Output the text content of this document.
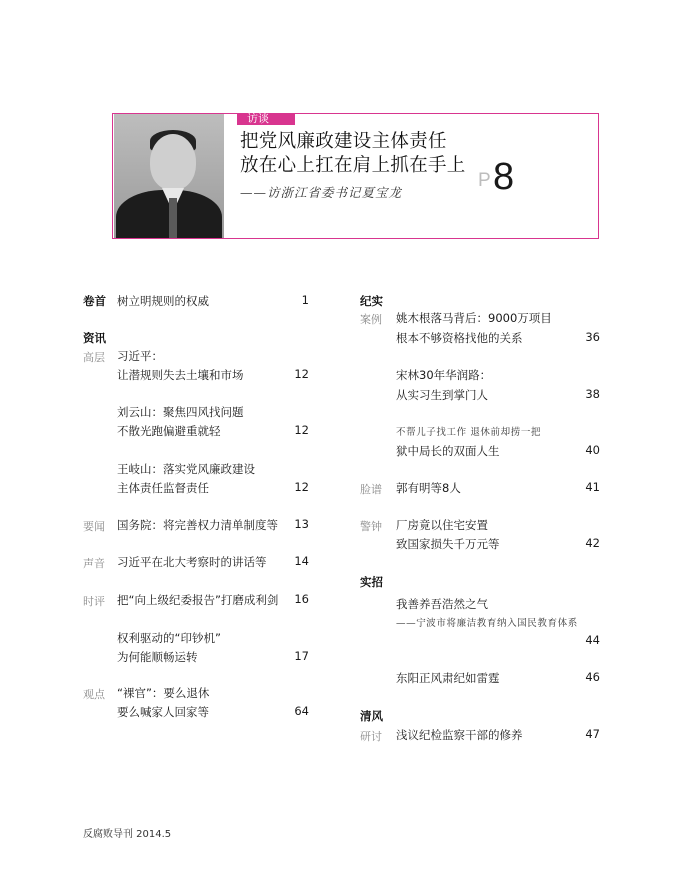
访谈
把党风廉政建设主体责任
放在心上扛在肩上抓在手上
——访浙江省委书记夏宝龙
P 8
卷首 树立明规则的权威	1
资讯
高层 习近平：
让潜规则失去土壤和市场	12
刘云山：聚焦四风找问题
不散光跑偏避重就轻	12
王岐山：落实党风廉政建设
主体责任监督责任	12
要闻 国务院：将完善权力清单制度等	13
声音 习近平在北大考察时的讲话等	14
时评 把“向上级纪委报告”打磨成利剑	16
权利驱动的“印钞机”
为何能顺畅运转	17
观点 “裸官”：要么退休
要么喊家人回家等	64
纪实
案例 姚木根落马背后：9000万项目
根本不够资格找他的关系	36
宋林30年华润路：
从实习生到掌门人	38
不帮儿子找工作 退休前却捞一把
狱中局长的双面人生	40
脸谱 郭有明等8人	41
警钟 厂房竟以住宅安置
致国家损失千万元等	42
实招
我善养吾浩然之气
——宁波市将廉洁教育纳入国民教育体系
44
东阳正风肃纪如雷霆	46
清风
研讨 浅议纪检监察干部的修养	47
反腐败导刊 2014.5
